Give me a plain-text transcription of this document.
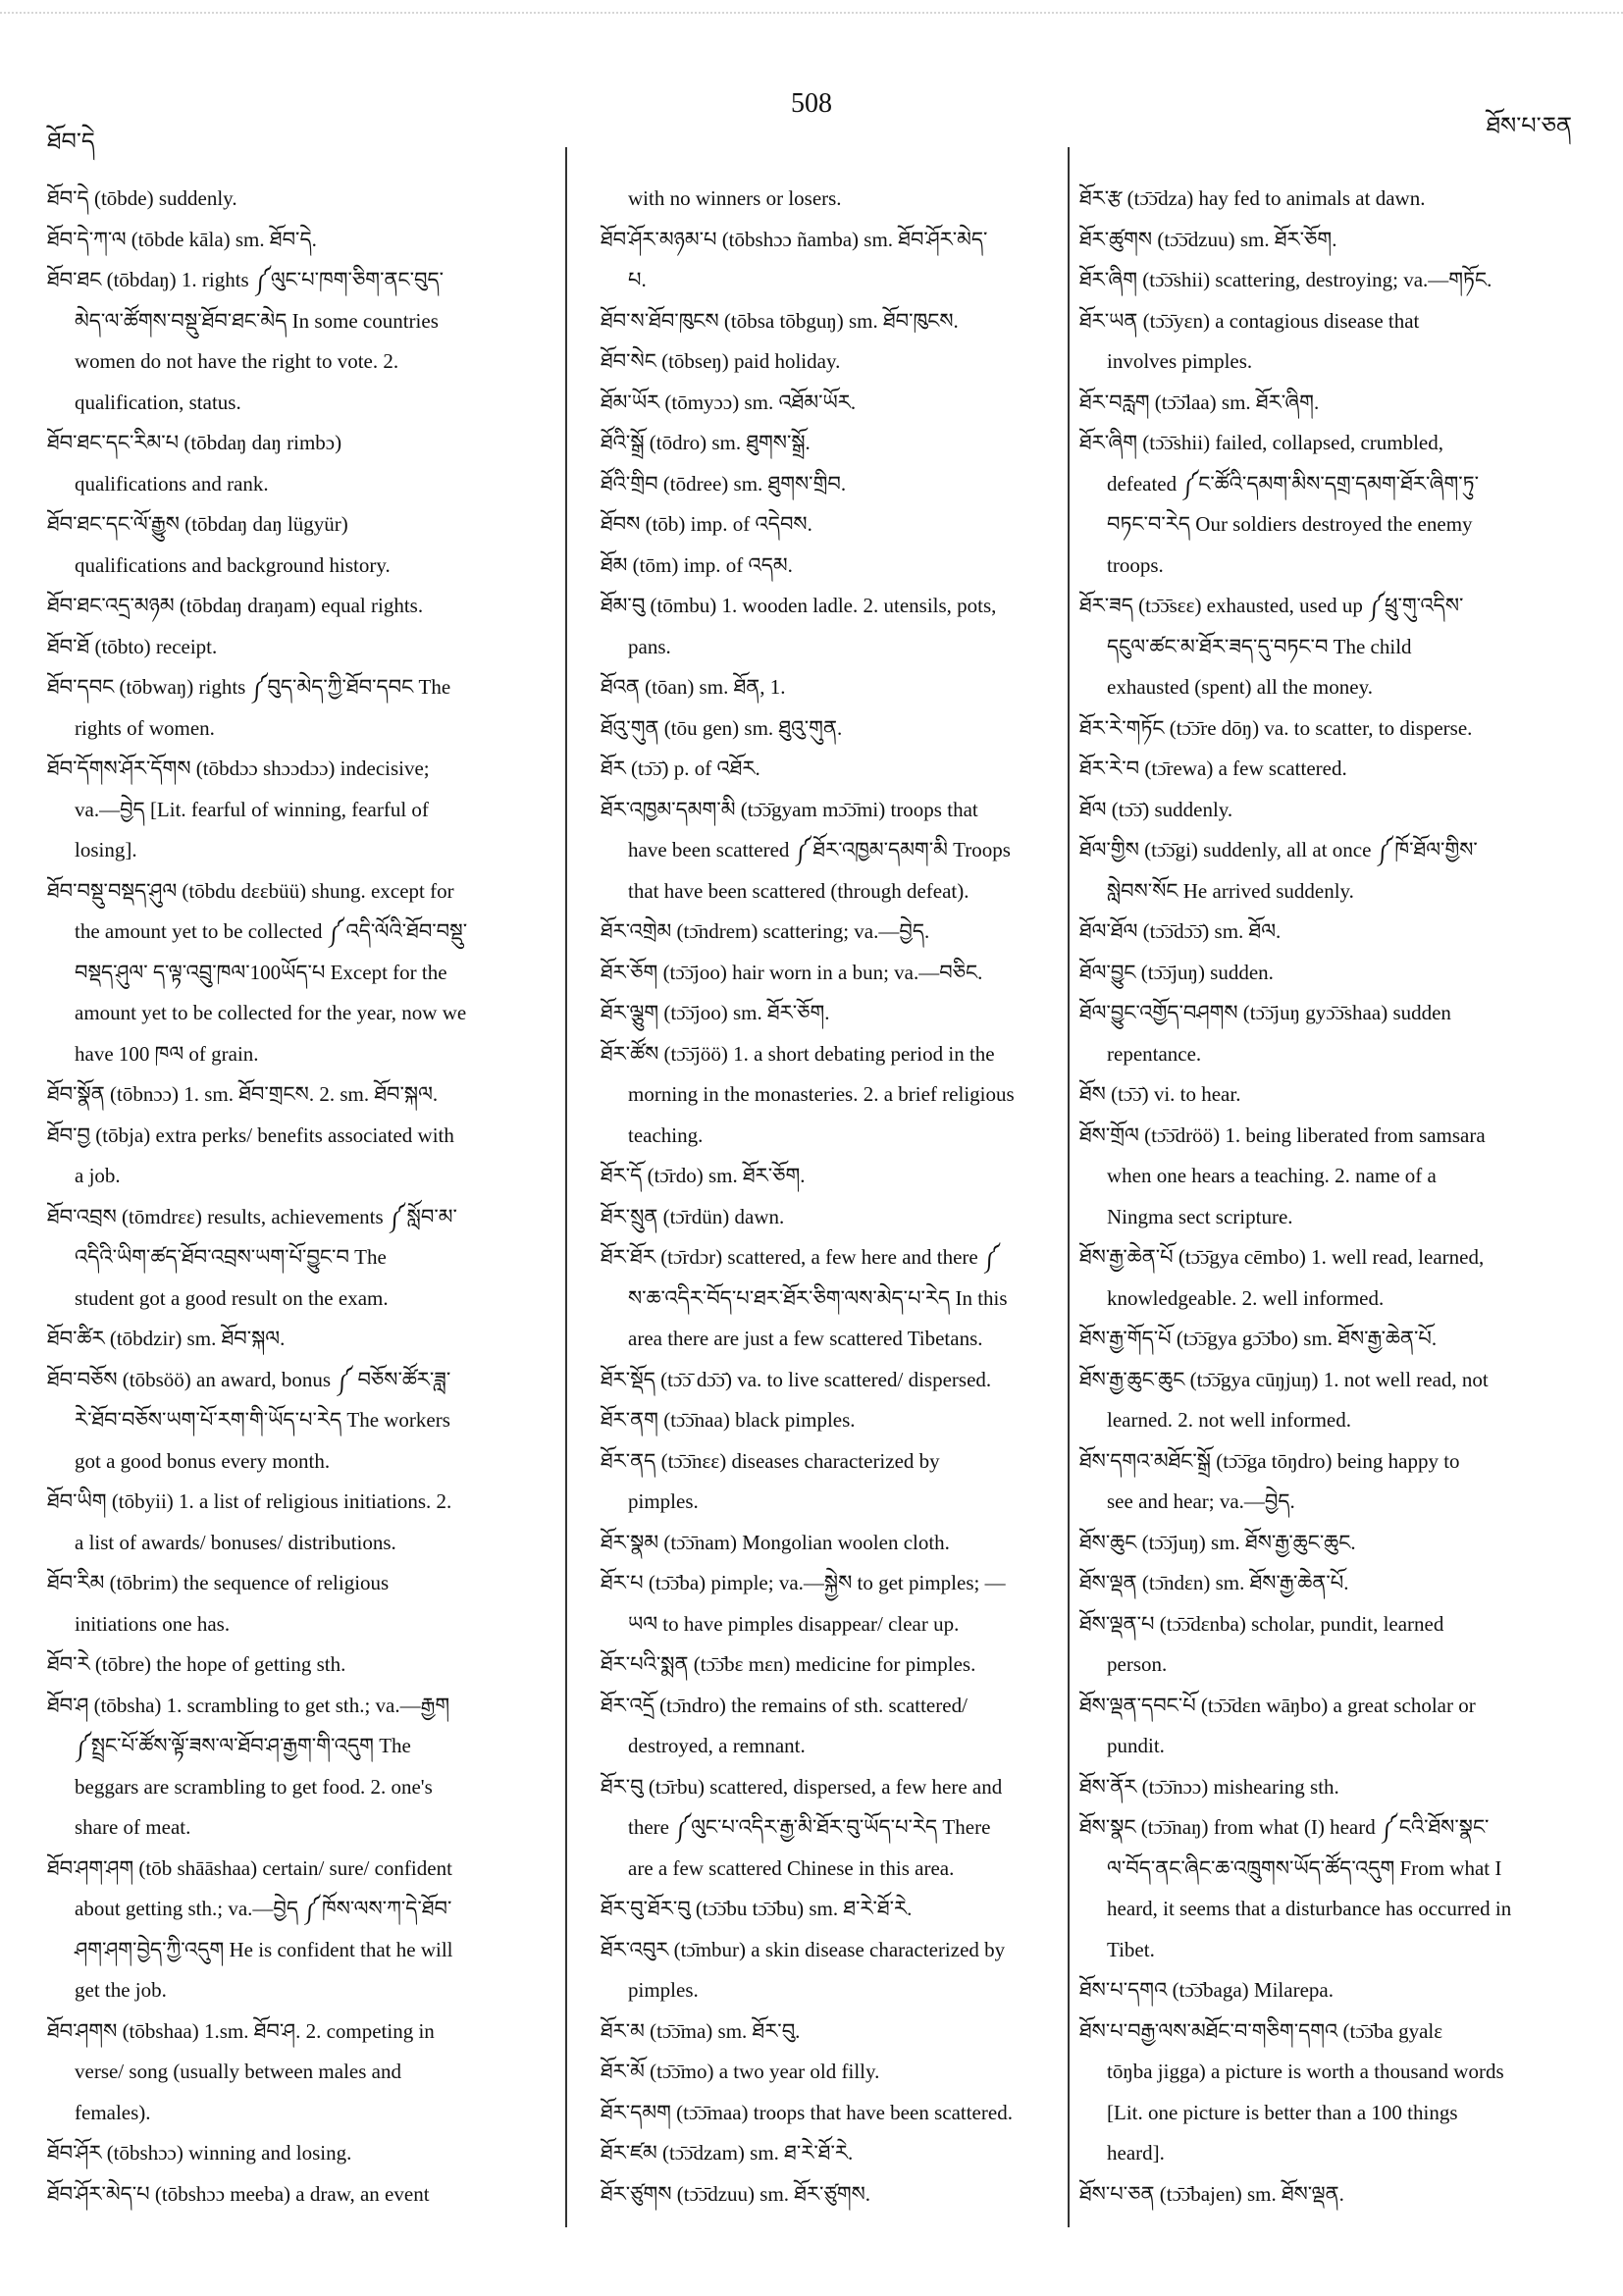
ཐོབ་དེ
508
ཐོས་པ་ཅན
ཐོབ་དེ (tōbde) suddenly.
ཐོབ་དེ་ཀ་ལ (tōbde kāla) sm. ཐོབ་དེ.
ཐོབ་ཐང (tōbdaŋ) 1. rights ༼ལུང་པ་ཁག་ཅིག་ནང་བུད་
མེད་ལ་ཚོགས་བསྡུ་ཐོབ་ཐང་མེད In some countries
women do not have the right to vote. 2.
qualification, status.
ཐོབ་ཐང་དང་རིམ་པ (tōbdaŋ daŋ rimbɔ)
qualifications and rank.
ཐོབ་ཐང་དང་ལོ་རྒྱུས (tōbdaŋ daŋ lügyür)
qualifications and background history.
ཐོབ་ཐང་འདྲ་མཉམ (tōbdaŋ draŋam) equal rights.
ཐོབ་ཐོ (tōbto) receipt.
ཐོབ་དབང (tōbwaŋ) rights ༼བུད་མེད་ཀྱི་ཐོབ་དབང The
rights of women.
ཐོབ་དོགས་ཤོར་དོགས (tōbdɔɔ shɔɔdɔɔ) indecisive;
va.—བྱེད [Lit. fearful of winning, fearful of
losing].
ཐོབ་བསྡུ་བསྡད་ཤུལ (tōbdu dɛɛbüü) shung. except for
the amount yet to be collected ༼འདི་ལོའི་ཐོབ་བསྡུ་
བསྡད་ཤུལ་ ད་ལྟ་འབྲུ་ཁལ་100ཡོད་པ Except for the
amount yet to be collected for the year, now we
have 100 ཁལ of grain.
ཐོབ་སྣོན (tōbnɔɔ) 1. sm. ཐོབ་གྲངས. 2. sm. ཐོབ་སྐལ.
ཐོབ་བྱ (tōbja) extra perks/ benefits associated with
a job.
ཐོབ་འབྲས (tōmdrɛɛ) results, achievements ༼སློབ་མ་
འདིའི་ཡིག་ཚད་ཐོབ་འབྲས་ཡག་པོ་བྱུང་བ The
student got a good result on the exam.
ཐོབ་ཚིར (tōbdzir) sm. ཐོབ་སྐལ.
ཐོབ་བཅོས (tōbsöö) an award, bonus ༼ བཅོས་ཚོར་ཟླ་
རེ་ཐོབ་བཅོས་ཡག་པོ་རག་གི་ཡོད་པ་རེད The workers
got a good bonus every month.
ཐོབ་ཡིག (tōbyii) 1. a list of religious initiations. 2.
a list of awards/ bonuses/ distributions.
ཐོབ་རིམ (tōbrim) the sequence of religious
initiations one has.
ཐོབ་རེ (tōbre) the hope of getting sth.
ཐོབ་ཤ (tōbsha) 1. scrambling to get sth.; va.—རྒྱག
༼སྤྲང་པོ་ཚོས་ལྟོ་ཟས་ལ་ཐོབ་ཤ་རྒྱག་གི་འདུག The
beggars are scrambling to get food. 2. one's
share of meat.
ཐོབ་ཤག་ཤག (tōb shāāshaa) certain/ sure/ confident
about getting sth.; va.—བྱེད ༼ཁོས་ལས་ཀ་དེ་ཐོབ་
ཤག་ཤག་བྱེད་ཀྱི་འདུག He is confident that he will
get the job.
ཐོབ་ཤགས (tōbshaa) 1.sm. ཐོབ་ཤ. 2. competing in
verse/ song (usually between males and
females).
ཐོབ་ཤོར (tōbshɔɔ) winning and losing.
ཐོབ་ཤོར་མེད་པ (tōbshɔɔ meeba) a draw, an event
with no winners or losers.
ཐོབ་ཤོར་མཉམ་པ (tōbshɔɔ ñamba) sm. ཐོབ་ཤོར་མེད་
པ.
ཐོབ་ས་ཐོབ་ཁུངས (tōbsa tōbguŋ) sm. ཐོབ་ཁུངས.
ཐོབ་སེང (tōbseŋ) paid holiday.
ཐོམ་ཡོར (tōmyɔɔ) sm. འཐོམ་ཡོར.
ཐོའི་སྒྲོ (tōdro) sm. ཐུགས་སྒྲོ.
ཐོའི་གྲིབ (tōdree) sm. ཐུགས་གྲིབ.
ཐོབས (tōb) imp. of འདེབས.
ཐོམ (tōm) imp. of འདམ.
ཐོམ་བུ (tōmbu) 1. wooden ladle. 2. utensils, pots,
pans.
ཐོའན (tōan) sm. ཐོན, 1.
ཐོའུ་གུན (tōu gen) sm. ཐུའུ་གུན.
ཐོར (tɔ̄ɔ̄) p. of འཐོར.
ཐོར་འཁྱམ་དམག་མི (tɔ̄ɔ̄gyam mɔ̄ɔ̄mi) troops that
have been scattered ༼ཐོར་འཁྱམ་དམག་མི Troops
that have been scattered (through defeat).
ཐོར་འགྲེམ (tɔ̄ndrem) scattering; va.—བྱེད.
ཐོར་ཅོག (tɔ̄ɔ̄joo) hair worn in a bun; va.—བཅིང.
ཐོར་ལྕུག (tɔ̄ɔ̄joo) sm. ཐོར་ཅོག.
ཐོར་ཚོས (tɔ̄ɔ̄jöö) 1. a short debating period in the
morning in the monasteries. 2. a brief religious
teaching.
ཐོར་དོ (tɔ̄rdo) sm. ཐོར་ཅོག.
ཐོར་སྲུན (tɔ̄rdün) dawn.
ཐོར་ཐོར (tɔ̄rdɔr) scattered, a few here and there ༼
ས་ཆ་འདིར་བོད་པ་ཐར་ཐོར་ཅིག་ལས་མེད་པ་རེད In this
area there are just a few scattered Tibetans.
ཐོར་སྡོད (tɔ̄ɔ̄ dɔ̄ɔ̄) va. to live scattered/ dispersed.
ཐོར་ནག (tɔ̄ɔ̄naa) black pimples.
ཐོར་ནད (tɔ̄ɔ̄nɛɛ) diseases characterized by
pimples.
ཐོར་སྣམ (tɔ̄ɔ̄nam) Mongolian woolen cloth.
ཐོར་པ (tɔ̄ɔ̄ba) pimple; va.—སྐྱེས to get pimples; —
ཡལ to have pimples disappear/ clear up.
ཐོར་པའི་སྨན (tɔ̄ɔ̄bɛ mɛn) medicine for pimples.
ཐོར་འདྲོ (tɔ̄ndro) the remains of sth. scattered/
destroyed, a remnant.
ཐོར་བུ (tɔ̄rbu) scattered, dispersed, a few here and
there ༼ལུང་པ་འདིར་རྒྱ་མི་ཐོར་བུ་ཡོད་པ་རེད There
are a few scattered Chinese in this area.
ཐོར་བུ་ཐོར་བུ (tɔ̄ɔ̄bu tɔ̄ɔ̄bu) sm. ཐ་རེ་ཐོ་རེ.
ཐོར་འབུར (tɔ̄mbur) a skin disease characterized by
pimples.
ཐོར་མ (tɔ̄ɔ̄ma) sm. ཐོར་བུ.
ཐོར་མོ (tɔ̄ɔ̄mo) a two year old filly.
ཐོར་དམག (tɔ̄ɔ̄maa) troops that have been scattered.
ཐོར་ཛམ (tɔ̄ɔ̄dzam) sm. ཐ་རེ་ཐོ་རེ.
ཐོར་ཙུགས (tɔ̄ɔ̄dzuu) sm. ཐོར་ཙུགས.
ཐོར་རྩ (tɔ̄ɔ̄dza) hay fed to animals at dawn.
ཐོར་ཚུགས (tɔ̄ɔ̄dzuu) sm. ཐོར་ཅོག.
ཐོར་ཞིག (tɔ̄ɔ̄shii) scattering, destroying; va.—གཏོང.
ཐོར་ཡན (tɔ̄ɔ̄yɛn) a contagious disease that
involves pimples.
ཐོར་བརླག (tɔ̄ɔ̄laa) sm. ཐོར་ཞིག.
ཐོར་ཞིག (tɔ̄ɔ̄shii) failed, collapsed, crumbled,
defeated ༼ང་ཚོའི་དམག་མིས་དགྲ་དམག་ཐོར་ཞིག་ཏུ་
བཏང་བ་རེད Our soldiers destroyed the enemy
troops.
ཐོར་ཟད (tɔ̄ɔ̄sɛɛ) exhausted, used up ༼ཕྲུ་གུ་འདིས་
དངུལ་ཚང་མ་ཐོར་ཟད་དུ་བཏང་བ The child
exhausted (spent) all the money.
ཐོར་རེ་གཏོང (tɔ̄ɔ̄re dōŋ) va. to scatter, to disperse.
ཐོར་རེ་བ (tɔ̄rewa) a few scattered.
ཐོལ (tɔ̄ɔ̄) suddenly.
ཐོལ་གྱིས (tɔ̄ɔ̄gi) suddenly, all at once ༼ཁོ་ཐོལ་གྱིས་
སླེབས་སོང He arrived suddenly.
ཐོལ་ཐོལ (tɔ̄ɔ̄dɔ̄ɔ̄) sm. ཐོལ.
ཐོལ་བྱུང (tɔ̄ɔ̄juŋ) sudden.
ཐོལ་བྱུང་འགྱོད་བཤགས (tɔ̄ɔ̄juŋ gyɔ̄ɔ̄shaa) sudden
repentance.
ཐོས (tɔ̄ɔ̄) vi. to hear.
ཐོས་གྲོལ (tɔ̄ɔ̄dröö) 1. being liberated from samsara
when one hears a teaching. 2. name of a
Ningma sect scripture.
ཐོས་རྒྱ་ཆེན་པོ (tɔ̄ɔ̄gya cēmbo) 1. well read, learned,
knowledgeable. 2. well informed.
ཐོས་རྒྱ་གོད་པོ (tɔ̄ɔ̄gya gɔ̄ɔ̄bo) sm. ཐོས་རྒྱ་ཆེན་པོ.
ཐོས་རྒྱ་ཆུང་ཆུང (tɔ̄ɔ̄gya cūŋjuŋ) 1. not well read, not
learned. 2. not well informed.
ཐོས་དགའ་མཐོང་སྒྲོ (tɔ̄ɔ̄ga tōŋdro) being happy to
see and hear; va.—བྱེད.
ཐོས་ཆུང (tɔ̄ɔ̄juŋ) sm. ཐོས་རྒྱ་ཆུང་ཆུང.
ཐོས་ལྡན (tɔ̄ndɛn) sm. ཐོས་རྒྱ་ཆེན་པོ.
ཐོས་ལྡན་པ (tɔ̄ɔ̄dɛnba) scholar, pundit, learned
person.
ཐོས་ལྡན་དབང་པོ (tɔ̄ɔ̄dɛn wāŋbo) a great scholar or
pundit.
ཐོས་ནོར (tɔ̄ɔ̄nɔɔ) mishearing sth.
ཐོས་སྣང (tɔ̄ɔ̄naŋ) from what (I) heard ༼ངའི་ཐོས་སྣང་
ལ་བོད་ནང་ཞིང་ཆ་འཁྲུགས་ཡོད་ཚོད་འདུག From what I
heard, it seems that a disturbance has occurred in
Tibet.
ཐོས་པ་དགའ (tɔ̄ɔ̄baga) Milarepa.
ཐོས་པ་བརྒྱ་ལས་མཐོང་བ་གཅིག་དགའ (tɔ̄ɔ̄ba gyalɛ
tōŋba jigga) a picture is worth a thousand words
[Lit. one picture is better than a 100 things
heard].
ཐོས་པ་ཅན (tɔ̄ɔ̄bajen) sm. ཐོས་ལྡན.
